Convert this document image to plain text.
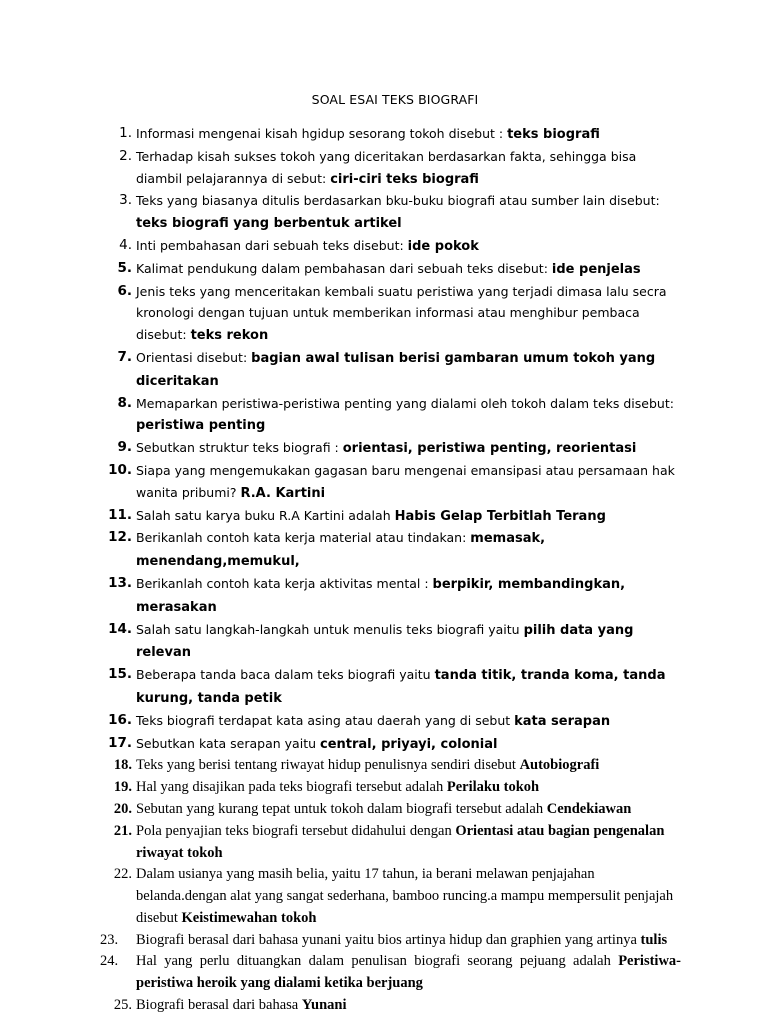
SOAL ESAI TEKS BIOGRAFI
1. Informasi mengenai kisah hgidup sesorang tokoh disebut : teks biografi
2. Terhadap kisah sukses tokoh yang diceritakan berdasarkan fakta, sehingga bisa diambil pelajarannya di sebut: ciri-ciri teks biografi
3. Teks yang biasanya ditulis berdasarkan bku-buku biografi atau sumber lain disebut: teks biografi yang berbentuk artikel
4. Inti pembahasan dari sebuah teks disebut: ide pokok
5. Kalimat pendukung dalam pembahasan dari sebuah teks disebut: ide penjelas
6. Jenis teks yang menceritakan kembali suatu peristiwa yang terjadi dimasa lalu secra kronologi dengan tujuan untuk memberikan informasi atau menghibur pembaca disebut: teks rekon
7. Orientasi disebut: bagian awal tulisan berisi gambaran umum tokoh yang diceritakan
8. Memaparkan peristiwa-peristiwa penting yang dialami oleh tokoh dalam teks disebut: peristiwa penting
9. Sebutkan struktur teks biografi : orientasi, peristiwa penting, reorientasi
10. Siapa yang mengemukakan gagasan baru mengenai emansipasi atau persamaan hak wanita pribumi? R.A. Kartini
11. Salah satu karya buku R.A Kartini adalah Habis Gelap Terbitlah Terang
12. Berikanlah contoh kata kerja material atau tindakan: memasak, menendang,memukul,
13. Berikanlah contoh kata kerja aktivitas mental : berpikir, membandingkan, merasakan
14. Salah satu langkah-langkah untuk menulis teks biografi yaitu pilih data yang relevan
15. Beberapa tanda baca dalam teks biografi yaitu tanda titik, tranda koma, tanda kurung, tanda petik
16. Teks biografi terdapat kata asing atau daerah yang di sebut kata serapan
17. Sebutkan kata serapan yaitu central, priyayi, colonial
18. Teks yang berisi tentang riwayat hidup penulisnya sendiri disebut Autobiografi
19. Hal yang disajikan pada teks biografi tersebut adalah Perilaku tokoh
20. Sebutan yang kurang tepat untuk tokoh dalam biografi tersebut adalah Cendekiawan
21. Pola penyajian teks biografi tersebut didahului dengan Orientasi atau bagian pengenalan riwayat tokoh
22. Dalam usianya yang masih belia, yaitu 17 tahun, ia berani melawan penjajahan belanda.dengan alat yang sangat sederhana, bamboo runcing.a mampu mempersulit penjajah disebut Keistimewahan tokoh
23.	Biografi berasal dari bahasa yunani yaitu bios artinya hidup dan graphien yang artinya tulis
24.	Hal yang perlu dituangkan dalam penulisan biografi seorang pejuang adalah Peristiwa-peristiwa heroik yang dialami ketika berjuang
25. Biografi berasal dari bahasa Yunani
